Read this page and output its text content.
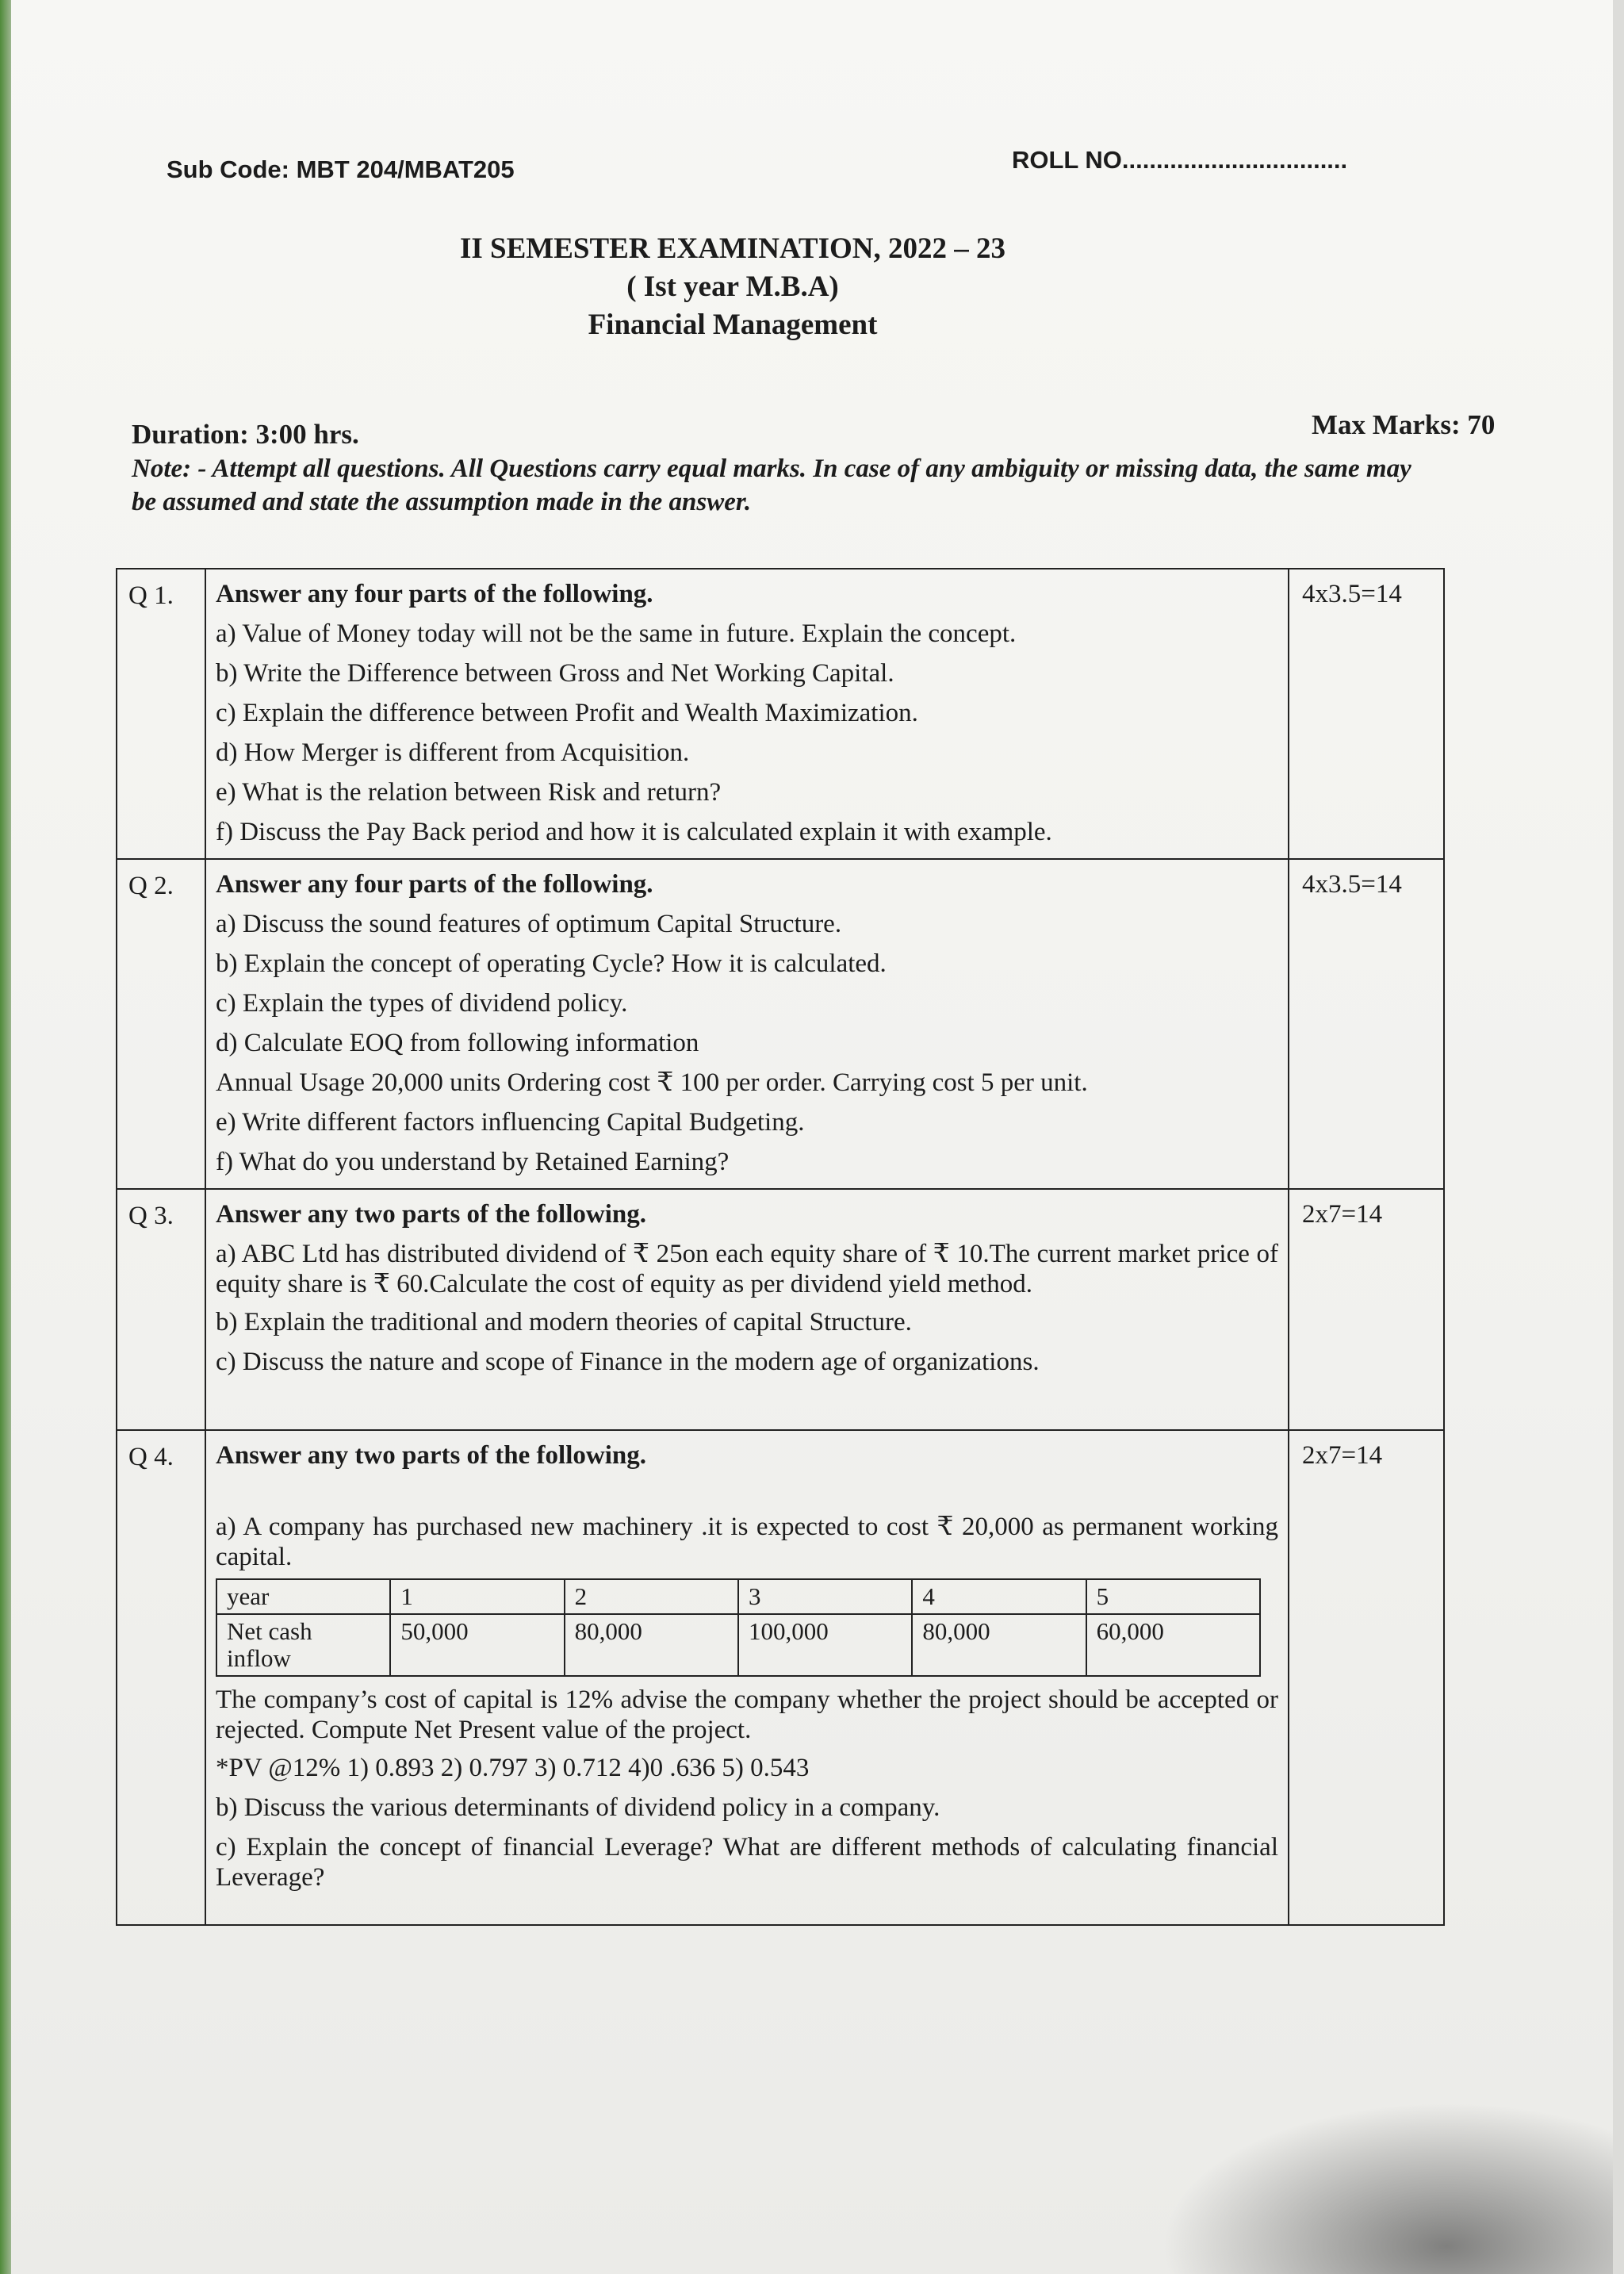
Sub Code: MBT 204/MBAT205	ROLL NO.................................
II SEMESTER EXAMINATION, 2022 – 23
( Ist year M.B.A)
Financial Management
Duration: 3:00 hrs.	Max Marks: 70
Note: - Attempt all questions. All Questions carry equal marks. In case of any ambiguity or missing data, the same may be assumed and state the assumption made in the answer.
Q 1.	Answer any four parts of the following.
a) Value of Money today will not be the same in future. Explain the concept.
b) Write the Difference between Gross and Net Working Capital.
c) Explain the difference between Profit and Wealth Maximization.
d) How Merger is different from Acquisition.
e) What is the relation between Risk and return?
f) Discuss the Pay Back period and how it is calculated explain it with example.
	4x3.5=14
Q 2.	Answer any four parts of the following.
a) Discuss the sound features of optimum Capital Structure.
b) Explain the concept of operating Cycle? How it is calculated.
c) Explain the types of dividend policy.
d) Calculate EOQ from following information
Annual Usage 20,000 units Ordering cost ₹ 100 per order. Carrying cost 5 per unit.
e) Write different factors influencing Capital Budgeting.
f) What do you understand by Retained Earning?
	4x3.5=14
Q 3.	Answer any two parts of the following.
a) ABC Ltd has distributed dividend of ₹ 25on each equity share of ₹ 10.The current market price of equity share is ₹ 60.Calculate the cost of equity as per dividend yield method.
b) Explain the traditional and modern theories of capital Structure.
c) Discuss the nature and scope of Finance in the modern age of organizations.
	2x7=14
Q 4.	Answer any two parts of the following.
a) A company has purchased new machinery .it is expected to cost ₹ 20,000 as permanent working capital.
year	1	2	3	4	5
Net cash inflow	50,000	80,000	100,000	80,000	60,000
The company’s cost of capital is 12% advise the company whether the project should be accepted or rejected. Compute Net Present value of the project.
*PV @12% 1) 0.893 2) 0.797 3) 0.712 4)0 .636 5) 0.543
b) Discuss the various determinants of dividend policy in a company.
c) Explain the concept of financial Leverage? What are different methods of calculating financial Leverage?
	2x7=14
